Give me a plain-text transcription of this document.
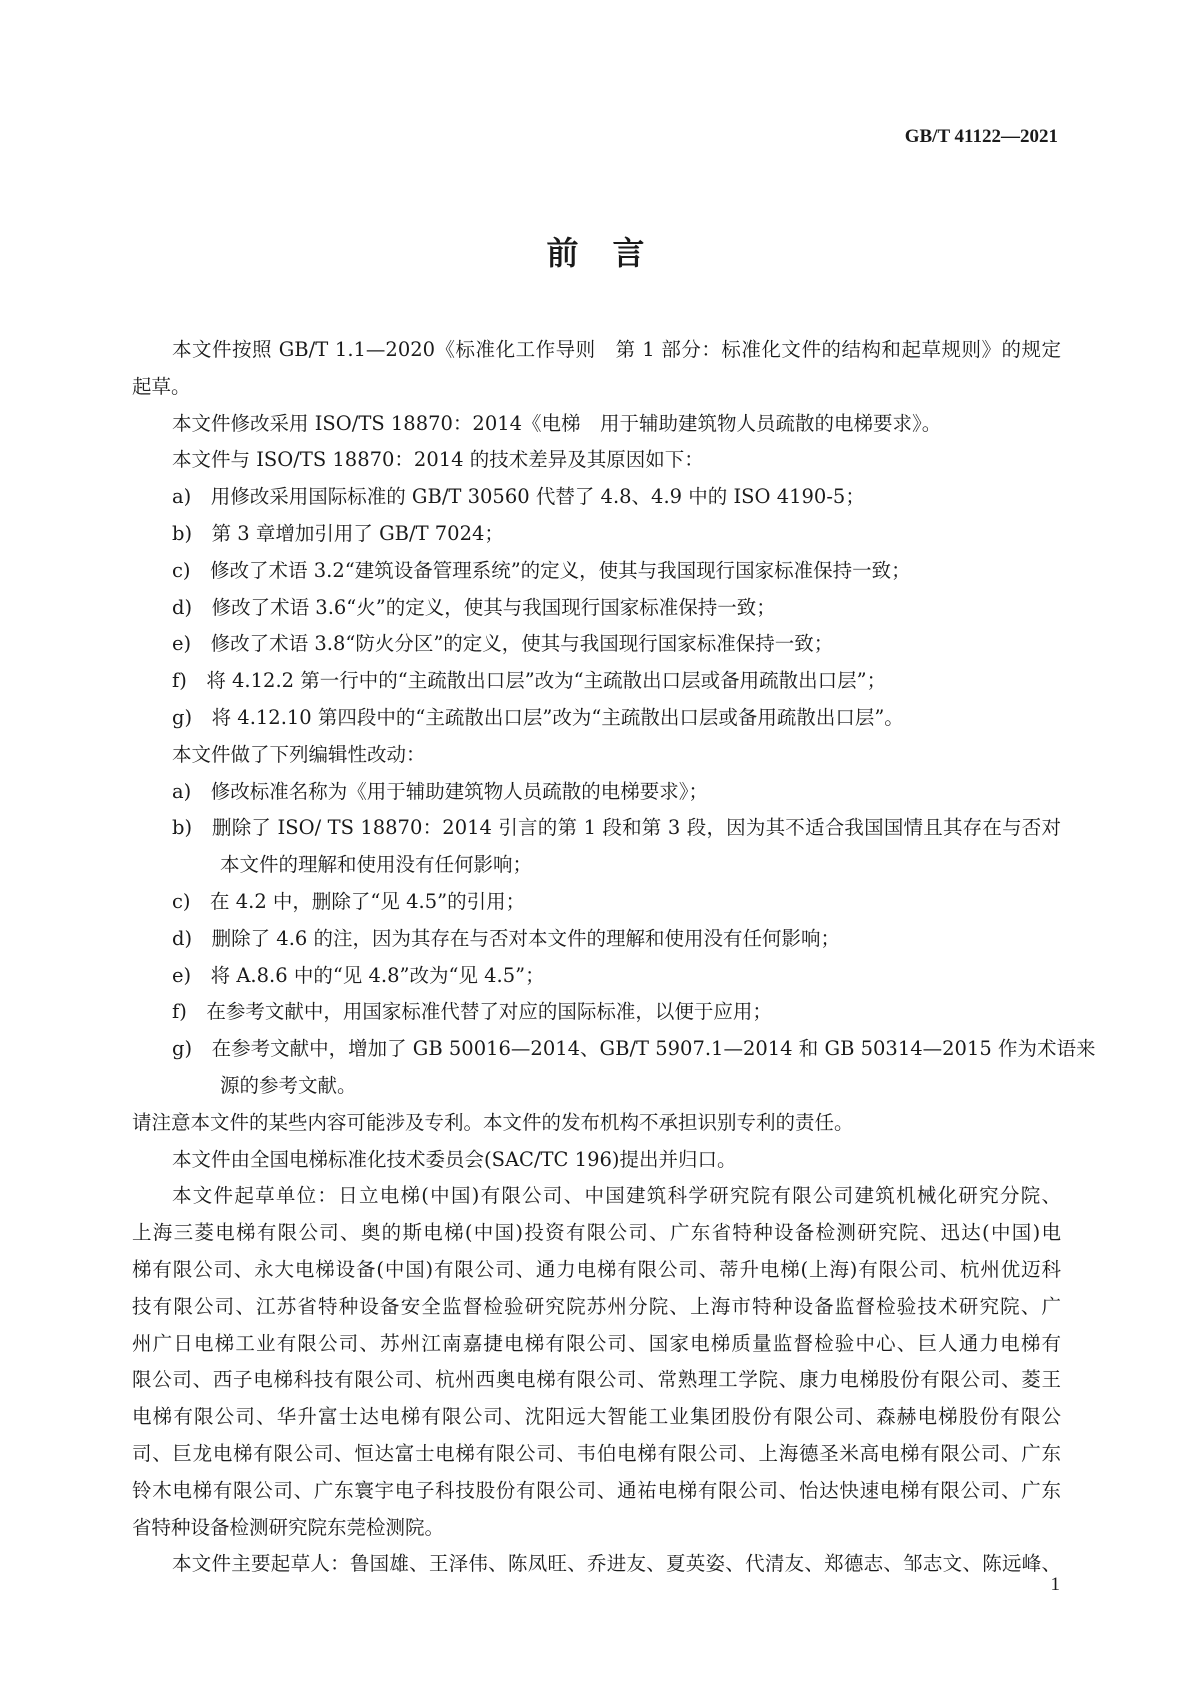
GB/T 41122—2021
前言
本文件按照 GB/T 1.1—2020《标准化工作导则　第 1 部分：标准化文件的结构和起草规则》的规定
起草。
本文件修改采用 ISO/TS 18870：2014《电梯　用于辅助建筑物人员疏散的电梯要求》。
本文件与 ISO/TS 18870：2014 的技术差异及其原因如下：
a)　用修改采用国际标准的 GB/T 30560 代替了 4.8、4.9 中的 ISO 4190-5；
b)　第 3 章增加引用了 GB/T 7024；
c)　修改了术语 3.2“建筑设备管理系统”的定义，使其与我国现行国家标准保持一致；
d)　修改了术语 3.6“火”的定义，使其与我国现行国家标准保持一致；
e)　修改了术语 3.8“防火分区”的定义，使其与我国现行国家标准保持一致；
f)　将 4.12.2 第一行中的“主疏散出口层”改为“主疏散出口层或备用疏散出口层”；
g)　将 4.12.10 第四段中的“主疏散出口层”改为“主疏散出口层或备用疏散出口层”。
本文件做了下列编辑性改动：
a)　修改标准名称为《用于辅助建筑物人员疏散的电梯要求》；
b)　删除了 ISO/ TS 18870：2014 引言的第 1 段和第 3 段，因为其不适合我国国情且其存在与否对
本文件的理解和使用没有任何影响；
c)　在 4.2 中，删除了“见 4.5”的引用；
d)　删除了 4.6 的注，因为其存在与否对本文件的理解和使用没有任何影响；
e)　将 A.8.6 中的“见 4.8”改为“见 4.5”；
f)　在参考文献中，用国家标准代替了对应的国际标准，以便于应用；
g)　在参考文献中，增加了 GB 50016—2014、GB/T 5907.1—2014 和 GB 50314—2015 作为术语来
源的参考文献。
请注意本文件的某些内容可能涉及专利。本文件的发布机构不承担识别专利的责任。
本文件由全国电梯标准化技术委员会(SAC/TC 196)提出并归口。
本文件起草单位：日立电梯(中国)有限公司、中国建筑科学研究院有限公司建筑机械化研究分院、
上海三菱电梯有限公司、奥的斯电梯(中国)投资有限公司、广东省特种设备检测研究院、迅达(中国)电
梯有限公司、永大电梯设备(中国)有限公司、通力电梯有限公司、蒂升电梯(上海)有限公司、杭州优迈科
技有限公司、江苏省特种设备安全监督检验研究院苏州分院、上海市特种设备监督检验技术研究院、广
州广日电梯工业有限公司、苏州江南嘉捷电梯有限公司、国家电梯质量监督检验中心、巨人通力电梯有
限公司、西子电梯科技有限公司、杭州西奥电梯有限公司、常熟理工学院、康力电梯股份有限公司、菱王
电梯有限公司、华升富士达电梯有限公司、沈阳远大智能工业集团股份有限公司、森赫电梯股份有限公
司、巨龙电梯有限公司、恒达富士电梯有限公司、韦伯电梯有限公司、上海德圣米高电梯有限公司、广东
铃木电梯有限公司、广东寰宇电子科技股份有限公司、通祐电梯有限公司、怡达快速电梯有限公司、广东
省特种设备检测研究院东莞检测院。
本文件主要起草人：鲁国雄、王泽伟、陈凤旺、乔进友、夏英姿、代清友、郑德志、邹志文、陈远峰、
1
